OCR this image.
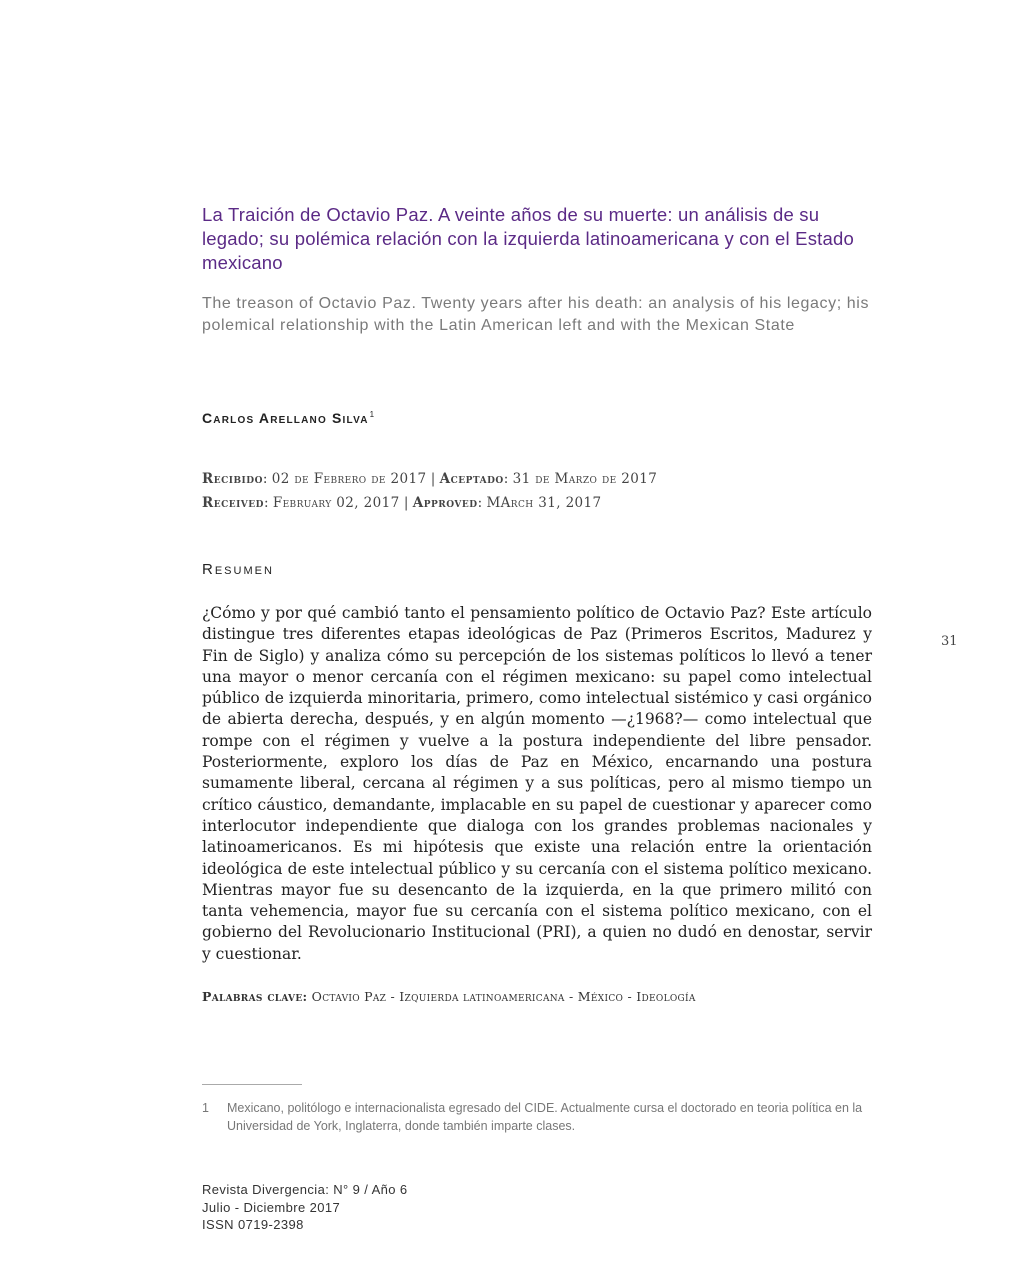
La Traición de Octavio Paz. A veinte años de su muerte: un análisis de su legado; su polémica relación con la izquierda latinoamericana y con el Estado mexicano

The treason of Octavio Paz. Twenty years after his death: an analysis of his legacy; his polemical relationship with the Latin American left and with the Mexican State

Carlos Arellano Silva$^1$
Recibido: 02 de Febrero de 2017 | Aceptado: 31 de Marzo de 2017
Received: February 02, 2017 | Approved: MArch 31, 2017
Resumen

¿Cómo y por qué cambió tanto el pensamiento político de Octavio Paz? Este artículo distingue tres diferentes etapas ideológicas de Paz (Primeros Escritos, Madurez y Fin de Siglo) y analiza cómo su percepción de los sistemas políticos lo llevó a tener una mayor o menor cercanía con el régimen mexicano: su papel como intelectual público de izquierda minoritaria, primero, como intelectual sistémico y casi orgánico de abierta derecha, después, y en algún momento —¿1968?— como intelectual que rompe con el régimen y vuelve a la postura independiente del libre pensador. Posteriormente, exploro los días de Paz en México, encarnando una postura sumamente liberal, cercana al régimen y a sus políticas, pero al mismo tiempo un crítico cáustico, demandante, implacable en su papel de cuestionar y aparecer como interlocutor independiente que dialoga con los grandes problemas nacionales y latinoamericanos. Es mi hipótesis que existe una relación entre la orientación ideológica de este intelectual público y su cercanía con el sistema político mexicano. Mientras mayor fue su desencanto de la izquierda, en la que primero militó con tanta vehemencia, mayor fue su cercanía con el sistema político mexicano, con el gobierno del Revolucionario Institucional (PRI), a quien no dudó en denostar, servir y cuestionar.

31
Palabras clave: Octavio Paz - Izquierda latinoamericana - México - Ideología
1 Mexicano, politólogo e internacionalista egresado del CIDE. Actualmente cursa el doctorado en teoria política en la Universidad de York, Inglaterra, donde también imparte clases.
Revista Divergencia: N° 9 / Año 6
Julio - Diciembre 2017
ISSN 0719-2398
